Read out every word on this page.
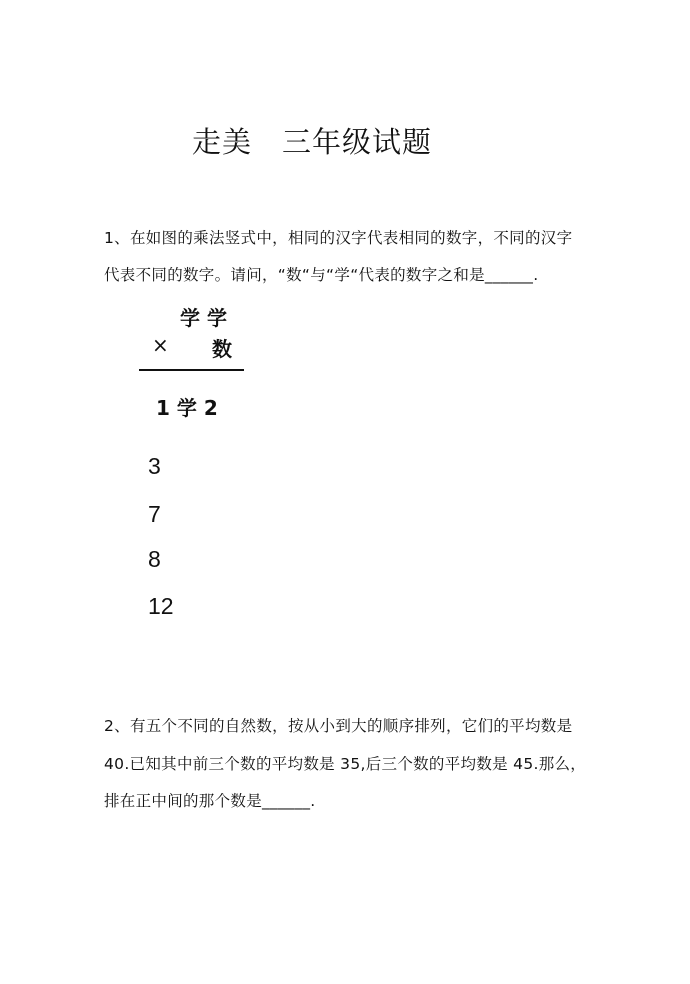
走美　三年级试题
1、在如图的乘法竖式中，相同的汉字代表相同的数字，不同的汉字
代表不同的数字。请问，“数“与“学“代表的数字之和是______.
学 学
× 数
1 学 2
3
7
8
12
2、有五个不同的自然数，按从小到大的顺序排列，它们的平均数是
40.已知其中前三个数的平均数是 35,后三个数的平均数是 45.那么，
排在正中间的那个数是______.
